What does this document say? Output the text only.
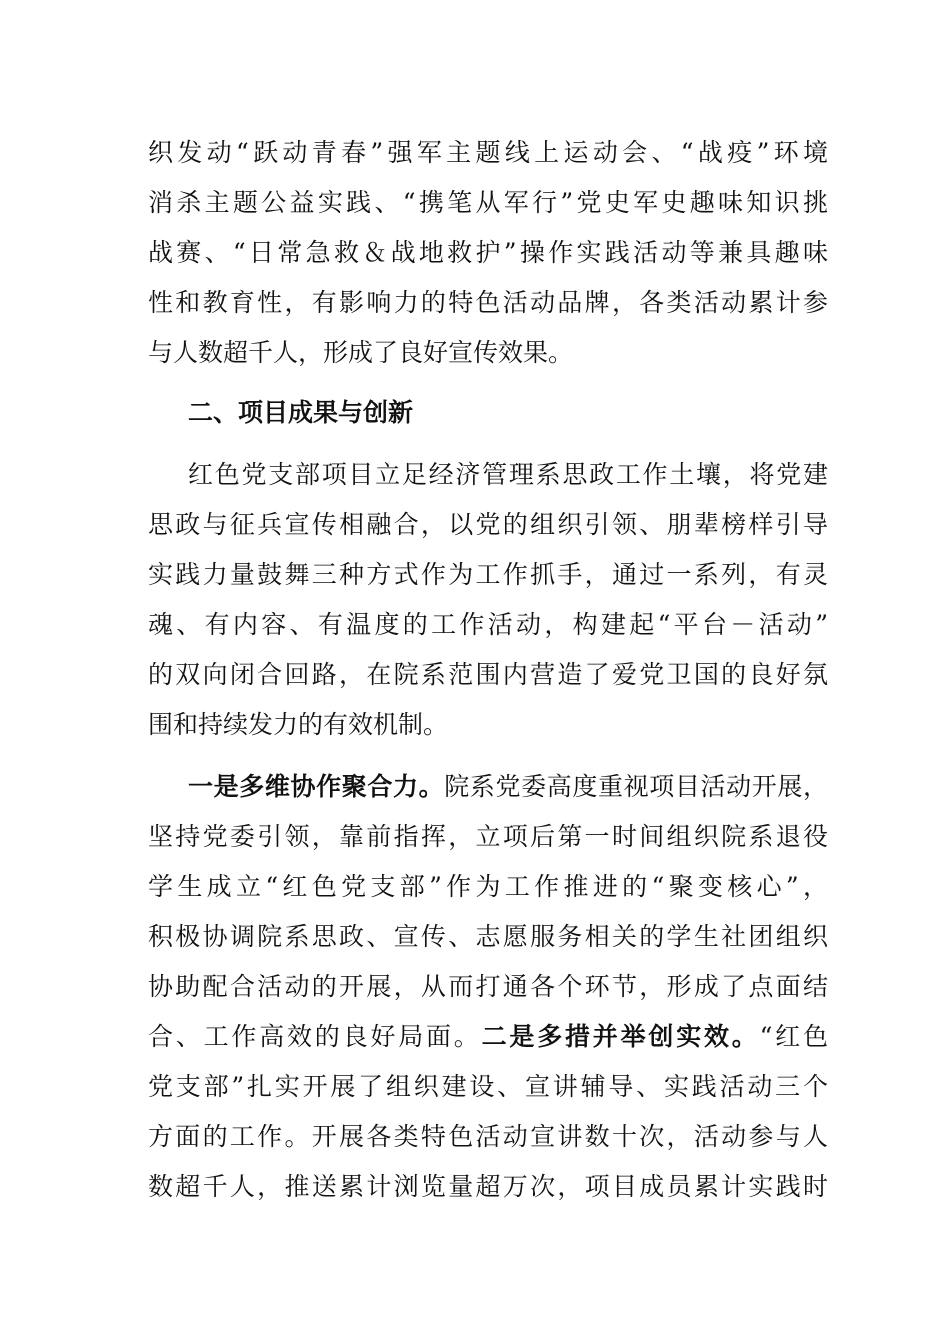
织发动“跃动青春”强军主题线上运动会、“战疫”环境
消杀主题公益实践、“携笔从军行”党史军史趣味知识挑
战赛、“日常急救＆战地救护”操作实践活动等兼具趣味
性和教育性，有影响力的特色活动品牌，各类活动累计参
与人数超千人，形成了良好宣传效果。
二、项目成果与创新
红色党支部项目立足经济管理系思政工作土壤，将党建
思政与征兵宣传相融合，以党的组织引领、朋辈榜样引导
实践力量鼓舞三种方式作为工作抓手，通过一系列，有灵
魂、有内容、有温度的工作活动，构建起“平台－活动”
的双向闭合回路，在院系范围内营造了爱党卫国的良好氛
围和持续发力的有效机制。
一是多维协作聚合力。院系党委高度重视项目活动开展，
坚持党委引领，靠前指挥，立项后第一时间组织院系退役
学生成立“红色党支部”作为工作推进的“聚变核心”，
积极协调院系思政、宣传、志愿服务相关的学生社团组织
协助配合活动的开展，从而打通各个环节，形成了点面结
合、工作高效的良好局面。二是多措并举创实效。“红色
党支部”扎实开展了组织建设、宣讲辅导、实践活动三个
方面的工作。开展各类特色活动宣讲数十次，活动参与人
数超千人，推送累计浏览量超万次，项目成员累计实践时
